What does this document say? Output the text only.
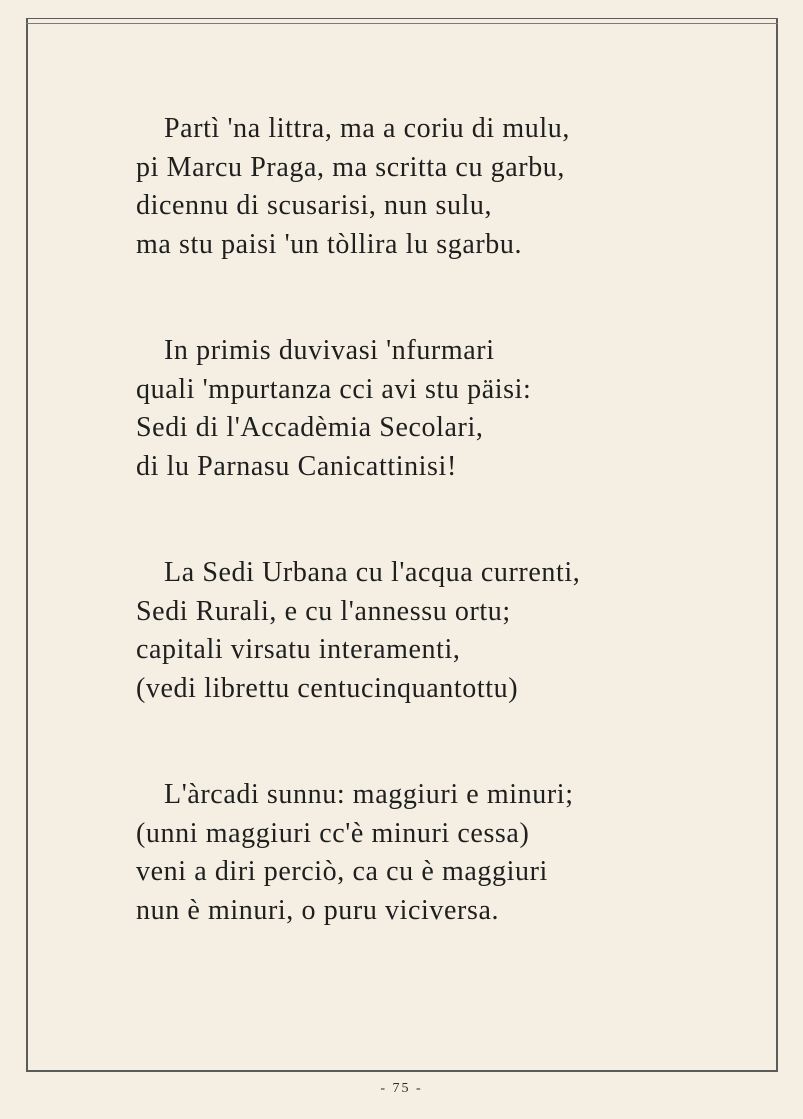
Partì 'na littra, ma a coriu di mulu,
pi Marcu Praga, ma scritta cu garbu,
dicennu di scusarisi, nun sulu,
ma stu paisi 'un tòllira lu sgarbu.
In primis duvivasi 'nfurmari
quali 'mpurtanza cci avi stu päisi:
Sedi di l'Accadèmia Secolari,
di lu Parnasu Canicattinisi!
La Sedi Urbana cu l'acqua currenti,
Sedi Rurali, e cu l'annessu ortu;
capitali virsatu interamenti,
(vedi librettu centucinquantottu)
L'àrcadi sunnu: maggiuri e minuri;
(unni maggiuri cc'è minuri cessa)
veni a diri perciò, ca cu è maggiuri
nun è minuri, o puru viciversa.
- 75 -
